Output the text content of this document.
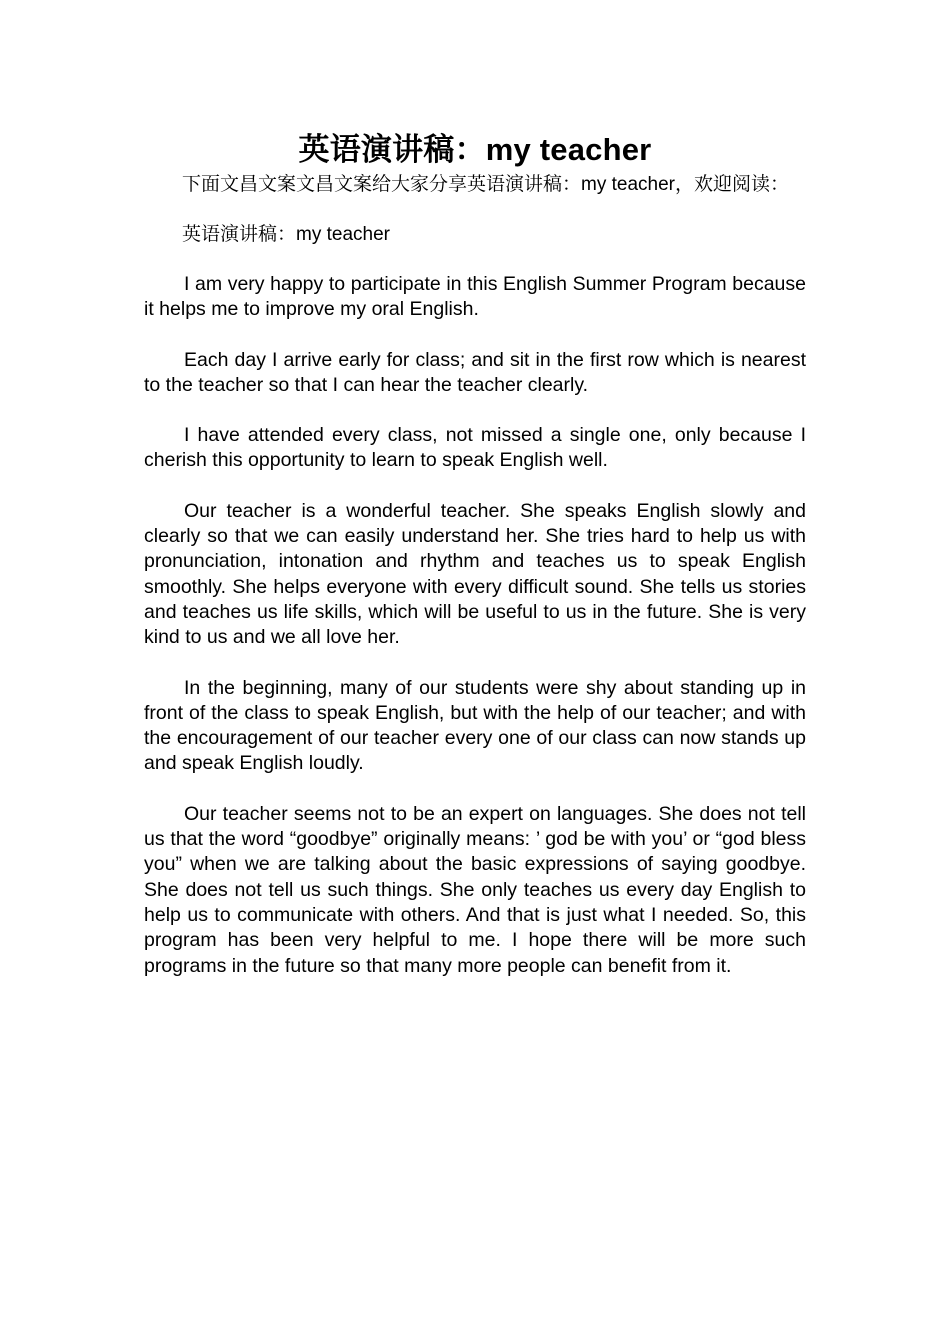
英语演讲稿：my teacher

下面文昌文案文昌文案给大家分享英语演讲稿：my teacher，欢迎阅读：

英语演讲稿：my teacher

I am very happy to participate in this English Summer Program because it helps me to improve my oral English.

Each day I arrive early for class; and sit in the first row which is nearest to the teacher so that I can hear the teacher clearly.

I have attended every class, not missed a single one, only because I cherish this opportunity to learn to speak English well.

Our teacher is a wonderful teacher. She speaks English slowly and clearly so that we can easily understand her. She tries hard to help us with pronunciation, intonation and rhythm and teaches us to speak English smoothly. She helps everyone with every difficult sound. She tells us stories and teaches us life skills, which will be useful to us in the future. She is very kind to us and we all love her.

In the beginning, many of our students were shy about standing up in front of the class to speak English, but with the help of our teacher; and with the encouragement of our teacher every one of our class can now stands up and speak English loudly.

Our teacher seems not to be an expert on languages. She does not tell us that the word “goodbye” originally means: ’ god be with you’ or “god bless you” when we are talking about the basic expressions of saying goodbye. She does not tell us such things. She only teaches us every day English to help us to communicate with others. And that is just what I needed. So, this program has been very helpful to me. I hope there will be more such programs in the future so that many more people can benefit from it.
